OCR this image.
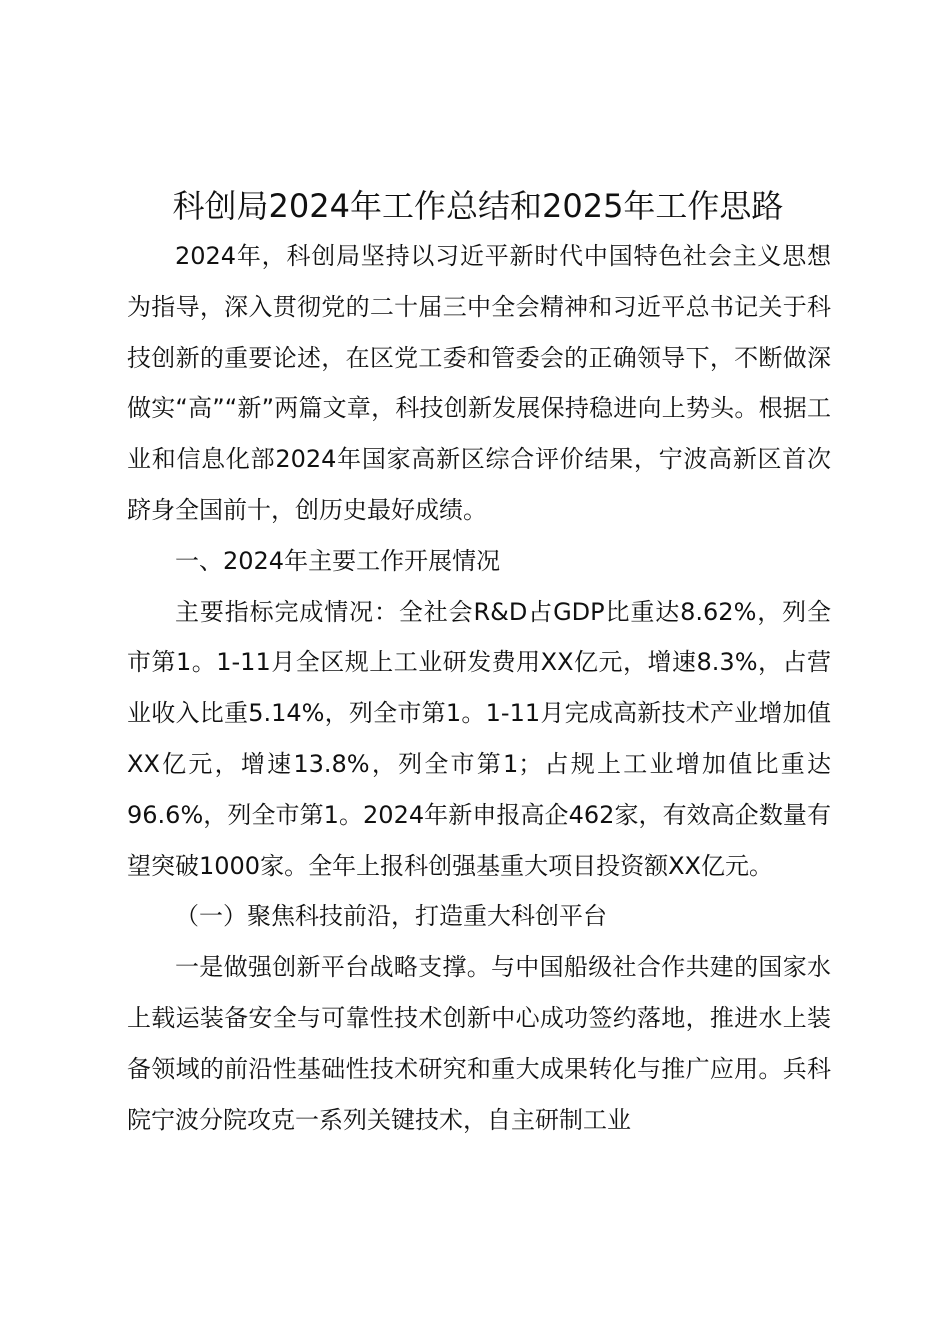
科创局2024年工作总结和2025年工作思路

2024年，科创局坚持以习近平新时代中国特色社会主义思想为指导，深入贯彻党的二十届三中全会精神和习近平总书记关于科技创新的重要论述，在区党工委和管委会的正确领导下，不断做深做实“高”“新”两篇文章，科技创新发展保持稳进向上势头。根据工业和信息化部2024年国家高新区综合评价结果，宁波高新区首次跻身全国前十，创历史最好成绩。

一、2024年主要工作开展情况

主要指标完成情况：全社会R&D占GDP比重达8.62%，列全市第1。1-11月全区规上工业研发费用XX亿元，增速8.3%，占营业收入比重5.14%，列全市第1。1-11月完成高新技术产业增加值XX亿元，增速13.8%，列全市第1；占规上工业增加值比重达96.6%，列全市第1。2024年新申报高企462家，有效高企数量有望突破1000家。全年上报科创强基重大项目投资额XX亿元。

（一）聚焦科技前沿，打造重大科创平台

一是做强创新平台战略支撑。与中国船级社合作共建的国家水上载运装备安全与可靠性技术创新中心成功签约落地，推进水上装备领域的前沿性基础性技术研究和重大成果转化与推广应用。兵科院宁波分院攻克一系列关键技术，自主研制工业
